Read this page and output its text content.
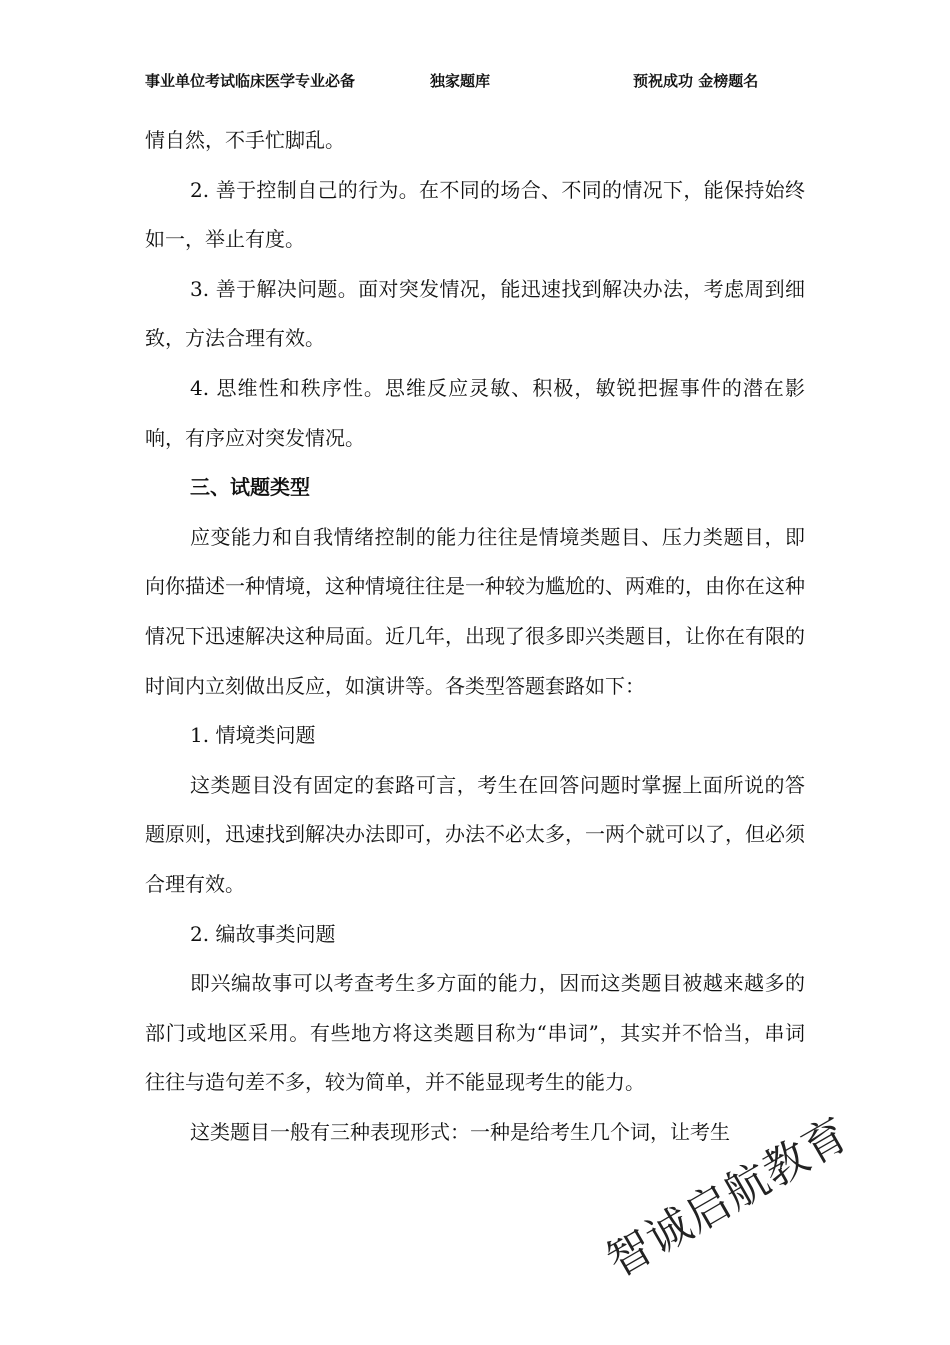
事业单位考试临床医学专业必备	独家题库	预祝成功 金榜题名

情自然，不手忙脚乱。

2. 善于控制自己的行为。在不同的场合、不同的情况下，能保持始终如一，举止有度。

3. 善于解决问题。面对突发情况，能迅速找到解决办法，考虑周到细致，方法合理有效。

4. 思维性和秩序性。思维反应灵敏、积极，敏锐把握事件的潜在影响，有序应对突发情况。

三、试题类型

应变能力和自我情绪控制的能力往往是情境类题目、压力类题目，即向你描述一种情境，这种情境往往是一种较为尴尬的、两难的，由你在这种情况下迅速解决这种局面。近几年，出现了很多即兴类题目，让你在有限的时间内立刻做出反应，如演讲等。各类型答题套路如下：

1. 情境类问题

这类题目没有固定的套路可言，考生在回答问题时掌握上面所说的答题原则，迅速找到解决办法即可，办法不必太多，一两个就可以了，但必须合理有效。

2. 编故事类问题

即兴编故事可以考查考生多方面的能力，因而这类题目被越来越多的部门或地区采用。有些地方将这类题目称为“串词”，其实并不恰当，串词往往与造句差不多，较为简单，并不能显现考生的能力。

这类题目一般有三种表现形式：一种是给考生几个词，让考生

智诚启航教育
